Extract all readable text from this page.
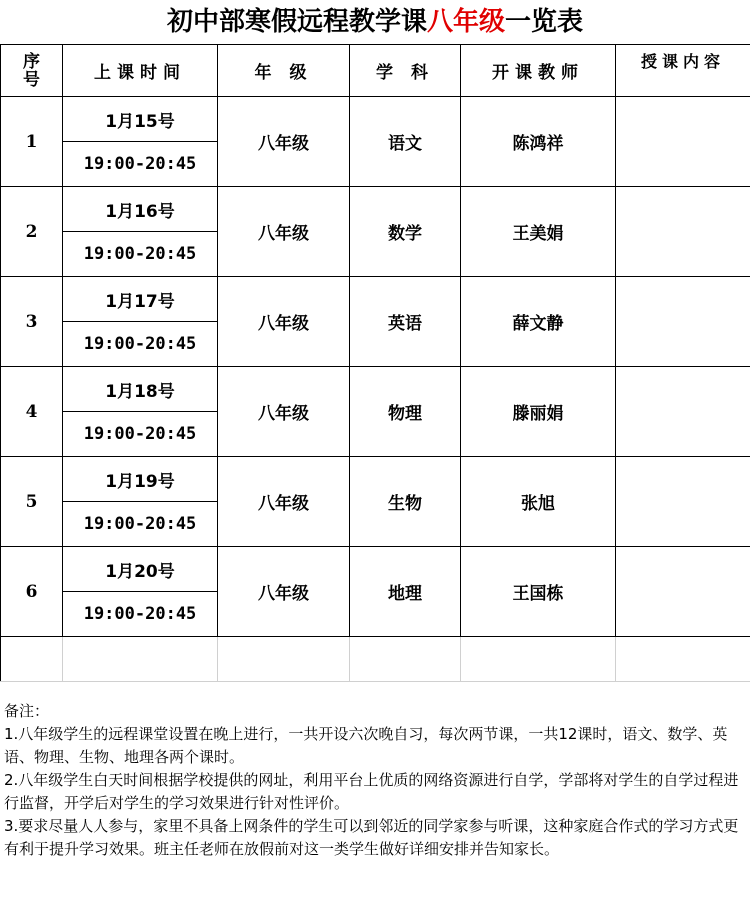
初中部寒假远程教学课八年级一览表
序号	上课时间	年 级	学 科	开课教师	授课内容
1	1月15号	八年级	语文	陈鸿祥	
	19:00-20:45				
2	1月16号	八年级	数学	王美娟	
	19:00-20:45				
3	1月17号	八年级	英语	薛文静	
	19:00-20:45				
4	1月18号	八年级	物理	滕丽娟	
	19:00-20:45				
5	1月19号	八年级	生物	张旭	
	19:00-20:45				
6	1月20号	八年级	地理	王国栋	
	19:00-20:45				

备注：

1.八年级学生的远程课堂设置在晚上进行，一共开设六次晚自习，每次两节课，一共12课时，语文、数学、英语、物理、生物、地理各两个课时。

2.八年级学生白天时间根据学校提供的网址，利用平台上优质的网络资源进行自学，学部将对学生的自学过程进行监督，开学后对学生的学习效果进行针对性评价。

3.要求尽量人人参与，家里不具备上网条件的学生可以到邻近的同学家参与听课，这种家庭合作式的学习方式更有利于提升学习效果。班主任老师在放假前对这一类学生做好详细安排并告知家长。
